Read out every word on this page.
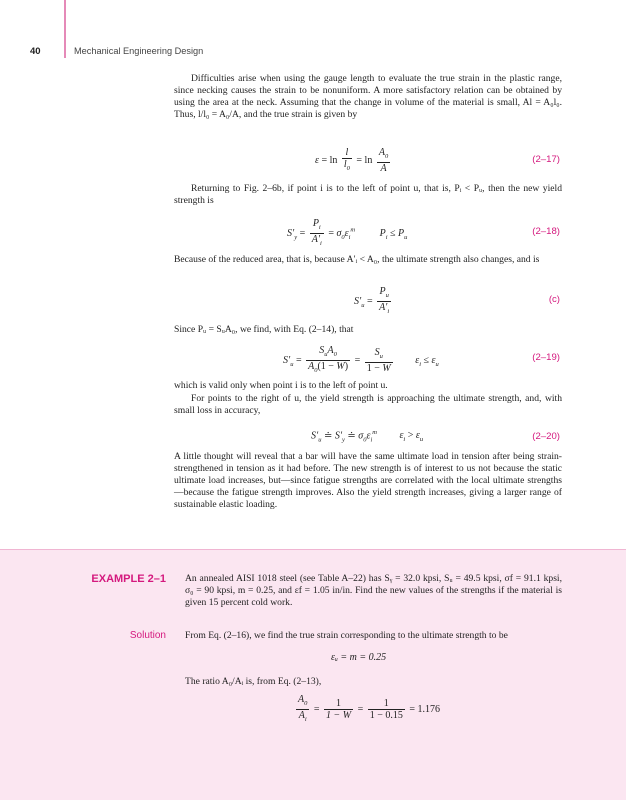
40	Mechanical Engineering Design
Difficulties arise when using the gauge length to evaluate the true strain in the plastic range, since necking causes the strain to be nonuniform. A more satisfactory relation can be obtained by using the area at the neck. Assuming that the change in volume of the material is small, Al = A₀l₀. Thus, l/l₀ = A₀/A, and the true strain is given by
$\varepsilon = \ln \frac{l}{l_0} = \ln \frac{A_0}{A}$	(2–17)
Returning to Fig. 2–6b, if point i is to the left of point u, that is, Pᵢ < Pᵤ, then the new yield strength is
$S'_y = \frac{P_i}{A'_i} = \sigma_0\varepsilon_i^m$ $P_i \le P_u$
(2–18)
Because of the reduced area, that is, because A′ᵢ < A₀, the ultimate strength also changes, and is
$S'_u = \frac{P_u}{A'_i}$	(c)
Since Pᵤ = SᵤA₀, we find, with Eq. (2–14), that
$S'_u = \frac{S_uA_0}{A_0(1 - W)} = \frac{S_u}{1 - W} \varepsilon_i \le \varepsilon_u$
(2–19)
which is valid only when point i is to the left of point u.
For points to the right of u, the yield strength is approaching the ultimate strength, and, with small loss in accuracy,
$S'_u$ ≐ $S'_y$ ≐ $\sigma_0\varepsilon_i^m$ $\varepsilon_i > \varepsilon_u$	(2–20)
A little thought will reveal that a bar will have the same ultimate load in tension after being strain-strengthened in tension as it had before. The new strength is of interest to us not because the static ultimate load increases, but—since fatigue strengths are correlated with the local ultimate strengths—because the fatigue strength improves. Also the yield strength increases, giving a larger range of sustainable elastic loading.
EXAMPLE 2–1 An annealed AISI 1018 steel (see Table A–22) has Sᵧ = 32.0 kpsi, Sᵤ = 49.5 kpsi, σf = 91.1 kpsi, σ₀ = 90 kpsi, m = 0.25, and εf = 1.05 in/in. Find the new values of the strengths if the material is given 15 percent cold work.
Solution From Eq. (2–16), we find the true strain corresponding to the ultimate strength to be
εᵤ = m = 0.25
The ratio A₀/Aᵢ is, from Eq. (2–13),
$\frac{A_0}{A_i} = \frac{1}{1 - W} = \frac{1}{1 - 0.15} = 1.176$
